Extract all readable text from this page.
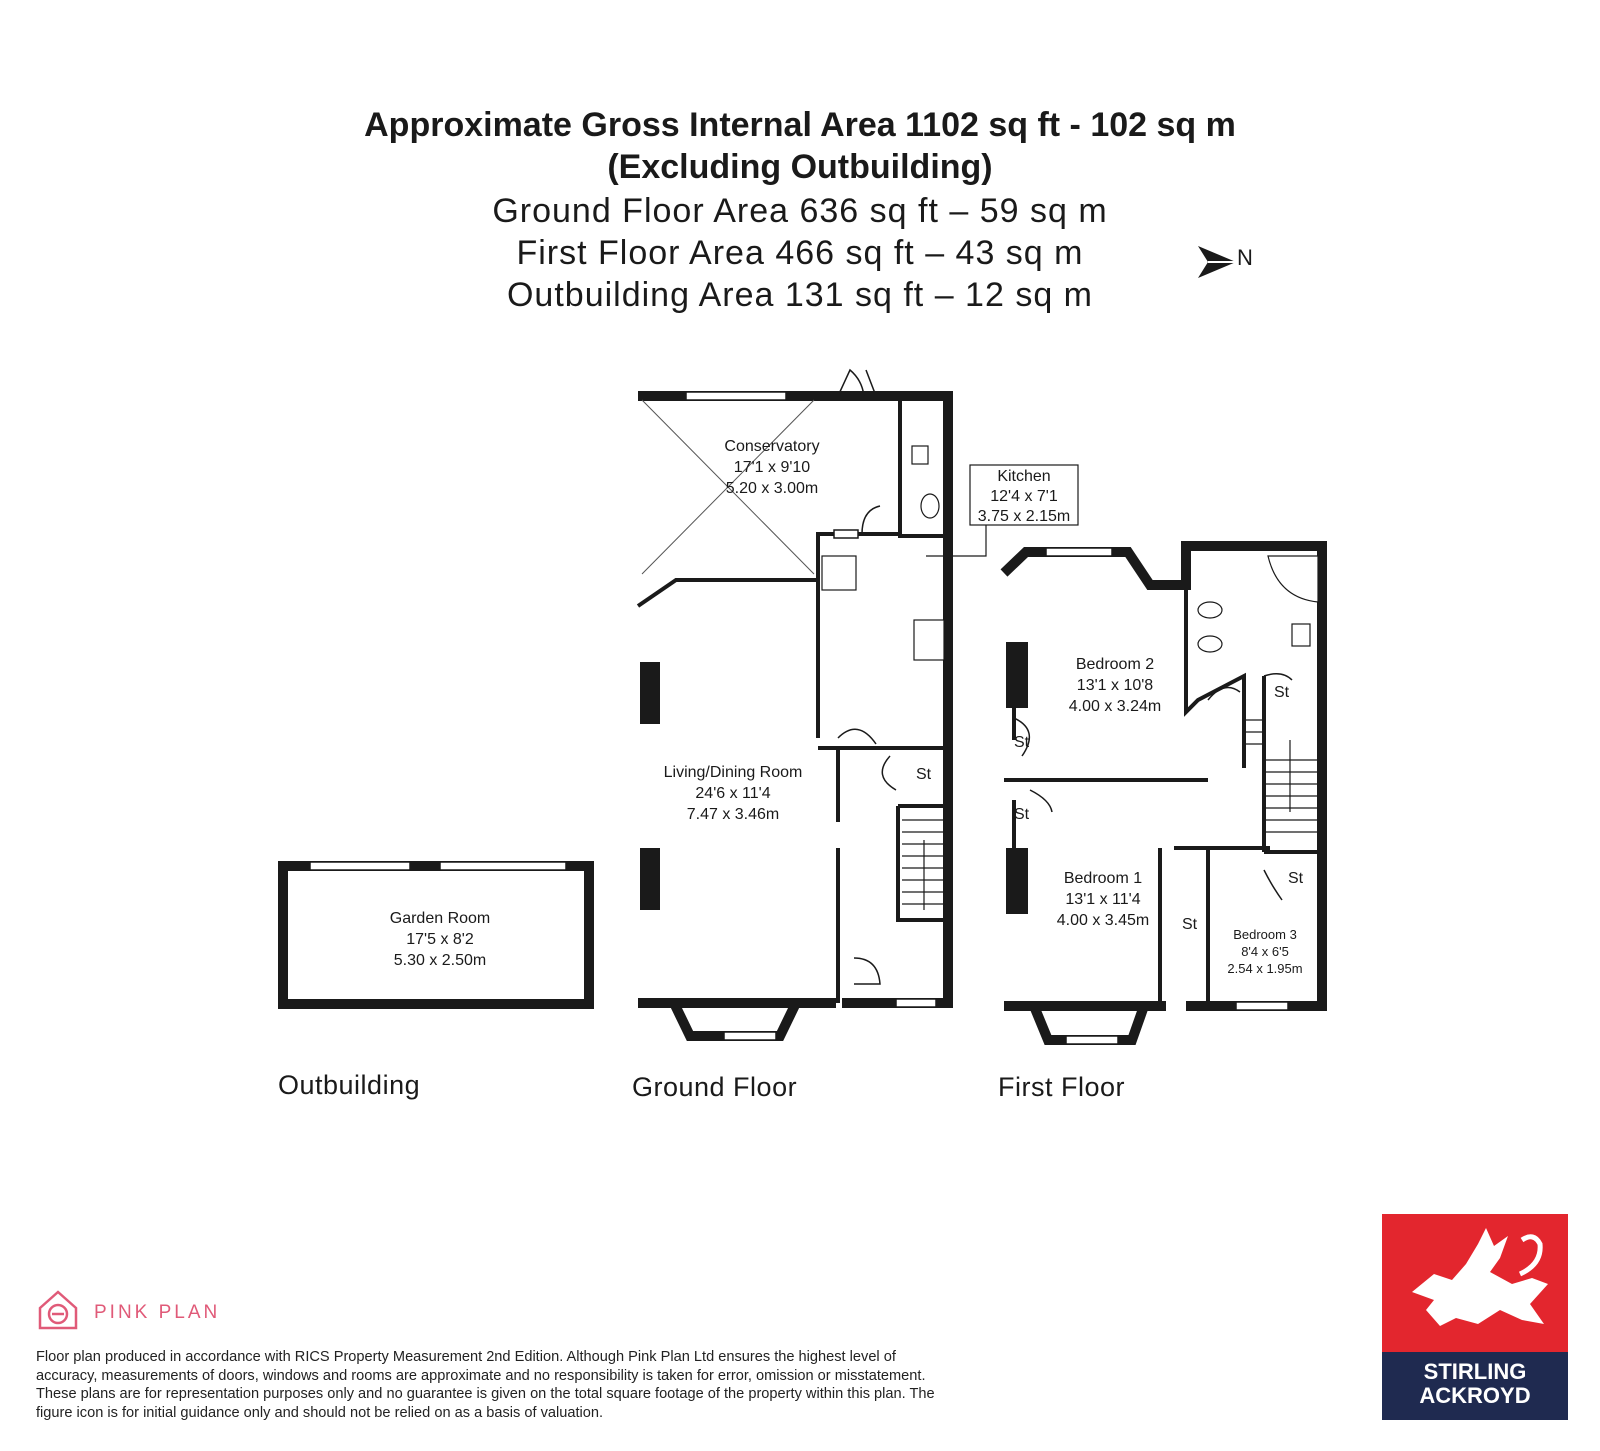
Approximate Gross Internal Area 1102 sq ft - 102 sq m
(Excluding Outbuilding)
Ground Floor Area 636 sq ft – 59 sq m
First Floor Area 466 sq ft – 43 sq m
Outbuilding Area 131 sq ft – 12 sq m
N
Conservatory
17'1 x 9'10
5.20 x 3.00m
Kitchen
12'4 x 7'1
3.75 x 2.15m
Living/Dining Room
24'6 x 11'4
7.47 x 3.46m
Garden Room
17'5 x 8'2
5.30 x 2.50m
Bedroom 2
13'1 x 10'8
4.00 x 3.24m
Bedroom 1
13'1 x 11'4
4.00 x 3.45m
Bedroom 3
8'4 x 6'5
2.54 x 1.95m
St
St
St
St
St
St
Outbuilding	Ground Floor	First Floor
PINK PLAN
Floor plan produced in accordance with RICS Property Measurement 2nd Edition. Although Pink Plan Ltd ensures the highest level of accuracy, measurements of doors, windows and rooms are approximate and no responsibility is taken for error, omission or misstatement. These plans are for representation purposes only and no guarantee is given on the total square footage of the property within this plan. The figure icon is for initial guidance only and should not be relied on as a basis of valuation.
STIRLING
ACKROYD
